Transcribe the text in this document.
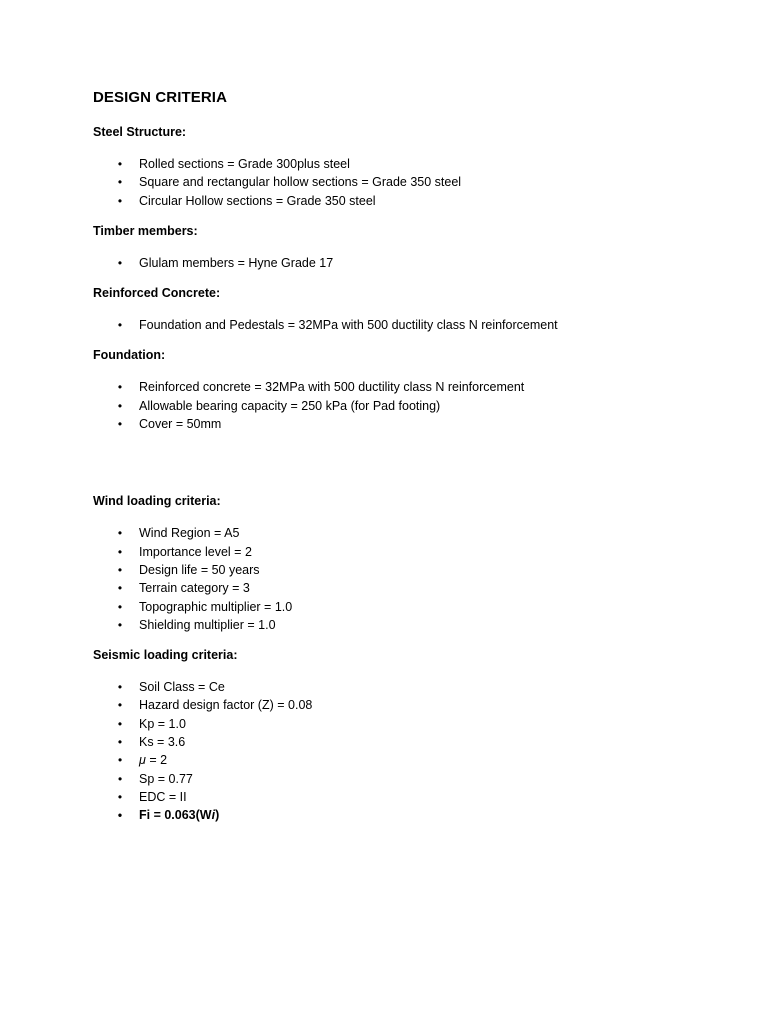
DESIGN CRITERIA

Steel Structure:

• Rolled sections = Grade 300plus steel
• Square and rectangular hollow sections = Grade 350 steel
• Circular Hollow sections = Grade 350 steel

Timber members:

• Glulam members = Hyne Grade 17

Reinforced Concrete:

• Foundation and Pedestals = 32MPa with 500 ductility class N reinforcement

Foundation:

• Reinforced concrete = 32MPa with 500 ductility class N reinforcement
• Allowable bearing capacity = 250 kPa (for Pad footing)
• Cover = 50mm

Wind loading criteria:

• Wind Region = A5
• Importance level = 2
• Design life = 50 years
• Terrain category = 3
• Topographic multiplier = 1.0
• Shielding multiplier = 1.0

Seismic loading criteria:

• Soil Class = Ce
• Hazard design factor (Z) = 0.08
• Kp = 1.0
• Ks = 3.6
• μ = 2
• Sp = 0.77
• EDC = II
• Fi = 0.063(Wi)
